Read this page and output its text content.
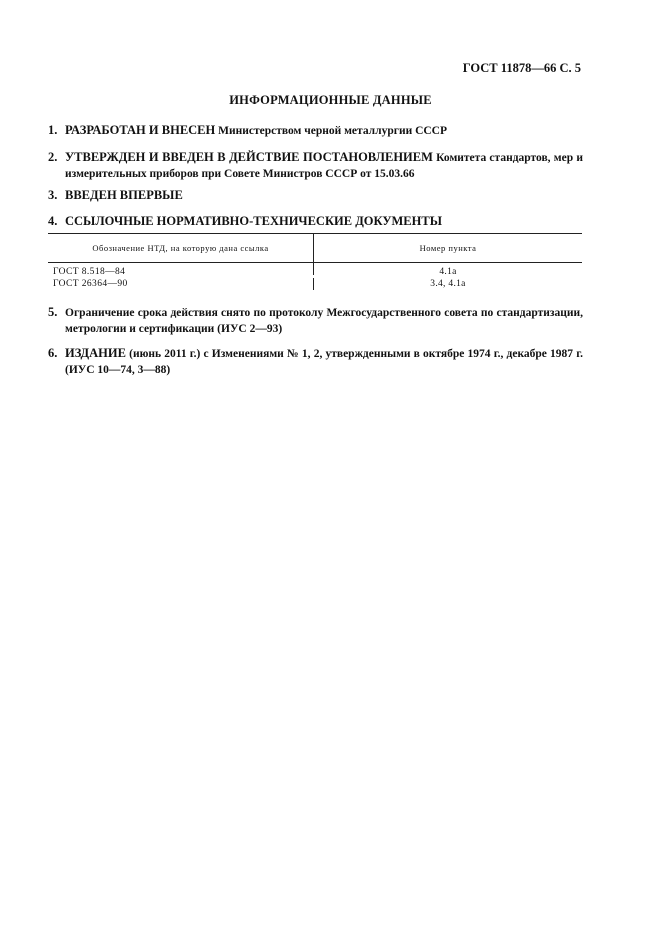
ГОСТ 11878—66 С. 5
ИНФОРМАЦИОННЫЕ ДАННЫЕ
1. РАЗРАБОТАН И ВНЕСЕН Министерством черной металлургии СССР
2. УТВЕРЖДЕН И ВВЕДЕН В ДЕЙСТВИЕ ПОСТАНОВЛЕНИЕМ Комитета стандартов, мер и измерительных приборов при Совете Министров СССР от 15.03.66
3. ВВЕДЕН ВПЕРВЫЕ
4. ССЫЛОЧНЫЕ НОРМАТИВНО-ТЕХНИЧЕСКИЕ ДОКУМЕНТЫ
Обозначение НТД, на которую дана ссылка	Номер пункта
ГОСТ 8.518—84	4.1а
ГОСТ 26364—90	3.4, 4.1а
5. Ограничение срока действия снято по протоколу Межгосударственного совета по стандартизации, метрологии и сертификации (ИУС 2—93)
6. ИЗДАНИЕ (июнь 2011 г.) с Изменениями № 1, 2, утвержденными в октябре 1974 г., декабре 1987 г. (ИУС 10—74, 3—88)
